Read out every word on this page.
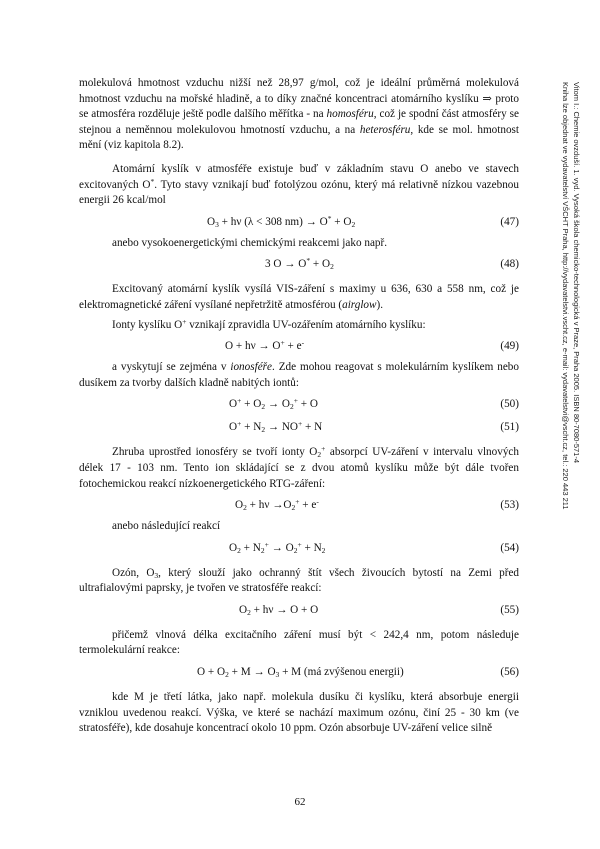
molekulová hmotnost vzduchu nižší než 28,97 g/mol, což je ideální průměrná molekulová hmotnost vzduchu na mořské hladině, a to díky značné koncentraci atomárního kyslíku ⇒ proto se atmosféra rozděluje ještě podle dalšího měřítka - na homosféru, což je spodní část atmosféry se stejnou a neměnnou molekulovou hmotností vzduchu, a na heterosféru, kde se mol. hmotnost mění (viz kapitola 8.2).

Atomární kyslík v atmosféře existuje buď v základním stavu O anebo ve stavech excitovaných O*. Tyto stavy vznikají buď fotolýzou ozónu, který má relativně nízkou vazebnou energii 26 kcal/mol

$O_3 + h\nu$ (λ < 308 $nm) \to O^* + O_2$	(47)

anebo vysokoenergetickými chemickými reakcemi jako např.

3 $O \to O^* + O_2$	(48)

Excitovaný atomární kyslík vysílá VIS-záření s maximy u 636, 630 a 558 nm, což je elektromagnetické záření vysílané nepřetržitě atmosférou (airglow).

Ionty kyslíku O+ vznikají zpravidla UV-ozářením atomárního kyslíku:

O + hν → O+ + e-	(49)

a vyskytují se zejména v ionosféře. Zde mohou reagovat s molekulárním kyslíkem nebo dusíkem za tvorby dalších kladně nabitých iontů:

$O^+ + O_2 \to O_2^+ + O$	(50)
$O^+ + N_2 \to NO^+ + N$	(51)

Zhruba uprostřed ionosféry se tvoří ionty $O_2^+$ absorpcí UV-záření v intervalu vlnových délek 17 - 103 nm. Tento ion skládající se z dvou atomů kyslíku může být dále tvořen fotochemickou reakcí nízkoenergetického RTG-záření:

$O_2 + h\nu \to O_2^+ + e^-$	(53)

anebo následující reakcí

$O_2 + N_2^+ \to O_2^+ + N_2$	(54)

Ozón, $O_3$, který slouží jako ochranný štít všech živoucích bytostí na Zemi před ultrafialovými paprsky, je tvořen ve stratosféře reakcí:

$O_2 + h\nu \to O + O$	(55)

přičemž vlnová délka excitačního záření musí být < 242,4 nm, potom následuje termolekulární reakce:

$O + O_2 + M \to O_3 + M$ (má zvýšenou energii)	(56)

kde M je třetí látka, jako např. molekula dusíku či kyslíku, která absorbuje energii vzniklou uvedenou reakcí. Výška, ve které se nachází maximum ozónu, činí 25 - 30 km (ve stratosféře), kde dosahuje koncentrací okolo 10 ppm. Ozón absorbuje UV-záření velice silně

62
Vitom I.: Chemie ovzduší. 1. vyd. Vysoká škola chemicko-technologická v Praze, Praha 2005. ISBN 80-7080-571-4
Kniha lze objednat ve vydavatelství VŠCHT Praha, http://vydavatelstvi.vscht.cz, e-mail: vydavatelstvi@vscht.cz, tel.: 220 443 211
